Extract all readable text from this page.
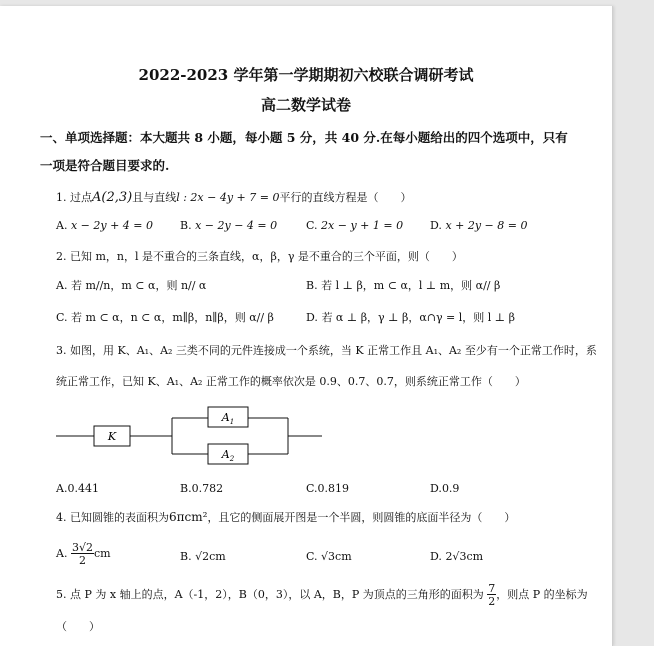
2022-2023 学年第一学期期初六校联合调研考试
高二数学试卷
一、单项选择题：本大题共 8 小题，每小题 5 分，共 40 分.在每小题给出的四个选项中，只有
一项是符合题目要求的.
1. 过点A(2,3)且与直线l : 2x − 4y + 7 = 0平行的直线方程是（　　）
A. x − 2y + 4 = 0 B. x − 2y − 4 = 0	C. 2x − y + 1 = 0 D. x + 2y − 8 = 0
2. 已知 m，n，l 是不重合的三条直线，α，β，γ 是不重合的三个平面，则（　　）
A. 若 m//n，m ⊂ α，则 n// α	B. 若 l ⊥ β，m ⊂ α，l ⊥ m，则 α// β
C. 若 m ⊂ α，n ⊂ α，m∥β，n∥β，则 α// β	D. 若 α ⊥ β，γ ⊥ β，α∩γ = l，则 l ⊥ β
3. 如图，用 K、A₁、A₂ 三类不同的元件连接成一个系统，当 K 正常工作且 A₁、A₂ 至少有一个正常工作时，系
统正常工作，已知 K、A₁、A₂ 正常工作的概率依次是 0.9、0.7、0.7，则系统正常工作（　　）
K
$A_1$
$A_2$
A.0.441	B.0.782	C.0.819	D.0.9
4. 已知圆锥的表面积为6πcm²，且它的侧面展开图是一个半圆，则圆锥的底面半径为（　　）
A. $\frac{3√2}{2}$ cm	B. √2cm	C. √3cm	D. 2√3cm
5. 点 P 为 x 轴上的点，A（-1，2），B（0，3），以 A，B，P 为顶点的三角形的面积为 $\frac{7}{2}$ ，则点 P 的坐标为
（　　）
